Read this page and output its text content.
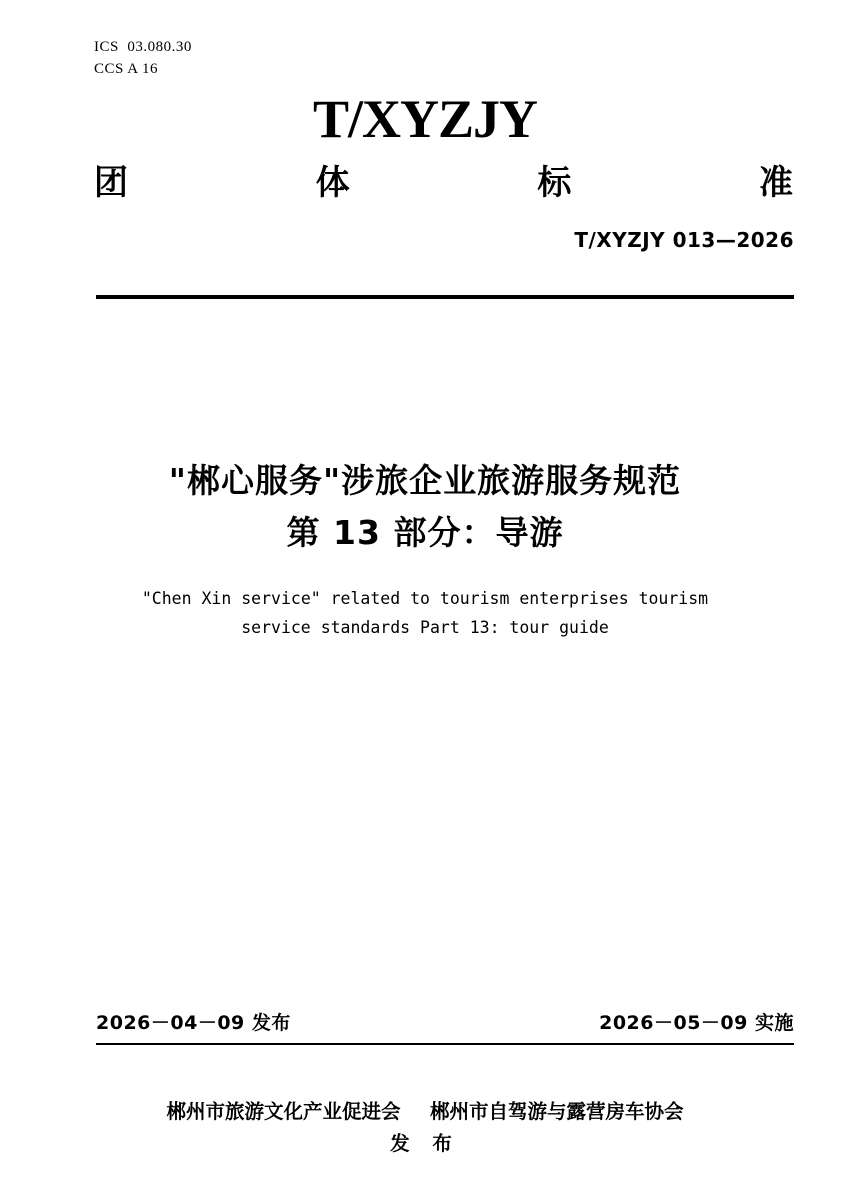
ICS  03.080.30
CCS A 16
T/XYZJY
团	体	标	准
T/XYZJY 013—2026
"郴心服务"涉旅企业旅游服务规范
第 13 部分：导游
"Chen Xin service" related to tourism enterprises tourism service standards Part 13: tour guide
2026－04－09 发布	2026－05－09 实施
郴州市旅游文化产业促进会 郴州市自驾游与露营房车协会
发 布
